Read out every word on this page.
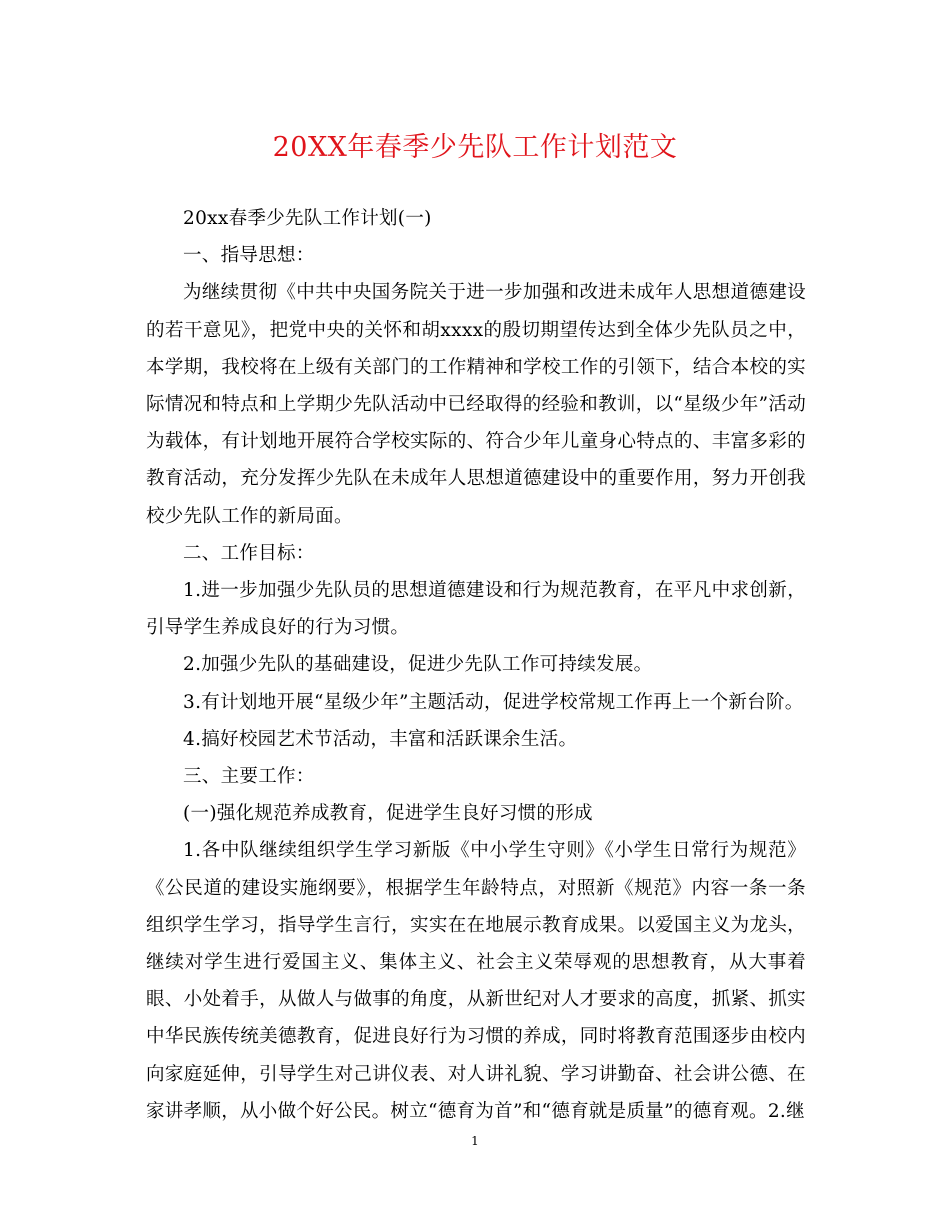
20XX年春季少先队工作计划范文

20xx春季少先队工作计划(一)

一、指导思想：

为继续贯彻《中共中央国务院关于进一步加强和改进未成年人思想道德建设的若干意见》，把党中央的关怀和胡xxxx的殷切期望传达到全体少先队员之中，本学期，我校将在上级有关部门的工作精神和学校工作的引领下，结合本校的实际情况和特点和上学期少先队活动中已经取得的经验和教训，以“星级少年”活动为载体，有计划地开展符合学校实际的、符合少年儿童身心特点的、丰富多彩的教育活动，充分发挥少先队在未成年人思想道德建设中的重要作用，努力开创我校少先队工作的新局面。

二、工作目标：

1.进一步加强少先队员的思想道德建设和行为规范教育，在平凡中求创新，引导学生养成良好的行为习惯。

2.加强少先队的基础建设，促进少先队工作可持续发展。

3.有计划地开展“星级少年”主题活动，促进学校常规工作再上一个新台阶。

4.搞好校园艺术节活动，丰富和活跃课余生活。

三、主要工作：

(一)强化规范养成教育，促进学生良好习惯的形成

1.各中队继续组织学生学习新版《中小学生守则》《小学生日常行为规范》《公民道的建设实施纲要》，根据学生年龄特点，对照新《规范》内容一条一条组织学生学习，指导学生言行，实实在在地展示教育成果。以爱国主义为龙头，继续对学生进行爱国主义、集体主义、社会主义荣辱观的思想教育，从大事着眼、小处着手，从做人与做事的角度，从新世纪对人才要求的高度，抓紧、抓实中华民族传统美德教育，促进良好行为习惯的养成，同时将教育范围逐步由校内向家庭延伸，引导学生对己讲仪表、对人讲礼貌、学习讲勤奋、社会讲公德、在家讲孝顺，从小做个好公民。树立“德育为首”和“德育就是质量”的德育观。2.继

1
